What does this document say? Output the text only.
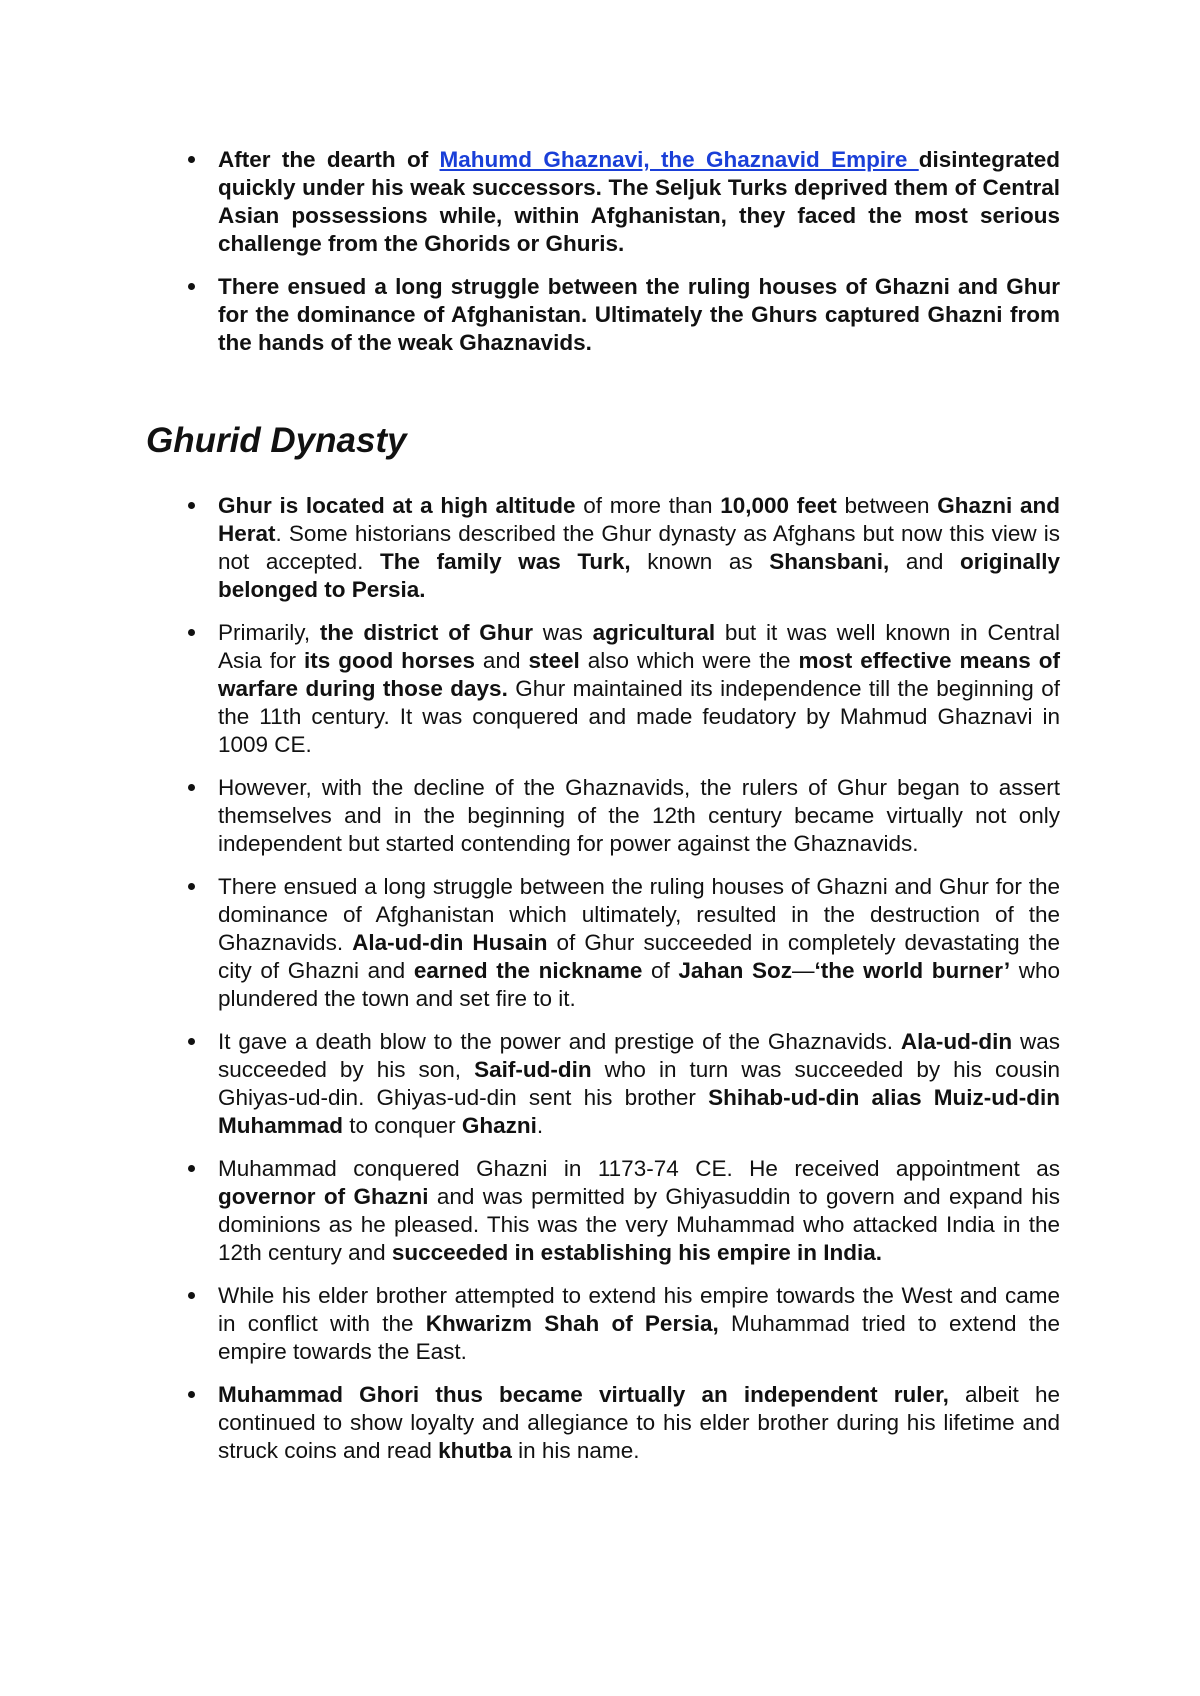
After the dearth of Mahumd Ghaznavi, the Ghaznavid Empire disintegrated quickly under his weak successors. The Seljuk Turks deprived them of Central Asian possessions while, within Afghanistan, they faced the most serious challenge from the Ghorids or Ghuris.
There ensued a long struggle between the ruling houses of Ghazni and Ghur for the dominance of Afghanistan. Ultimately the Ghurs captured Ghazni from the hands of the weak Ghaznavids.
Ghurid Dynasty
Ghur is located at a high altitude of more than 10,000 feet between Ghazni and Herat. Some historians described the Ghur dynasty as Afghans but now this view is not accepted. The family was Turk, known as Shansbani, and originally belonged to Persia.
Primarily, the district of Ghur was agricultural but it was well known in Central Asia for its good horses and steel also which were the most effective means of warfare during those days. Ghur maintained its independence till the beginning of the 11th century. It was conquered and made feudatory by Mahmud Ghaznavi in 1009 CE.
However, with the decline of the Ghaznavids, the rulers of Ghur began to assert themselves and in the beginning of the 12th century became virtually not only independent but started contending for power against the Ghaznavids.
There ensued a long struggle between the ruling houses of Ghazni and Ghur for the dominance of Afghanistan which ultimately, resulted in the destruction of the Ghaznavids. Ala-ud-din Husain of Ghur succeeded in completely devastating the city of Ghazni and earned the nickname of Jahan Soz—‘the world burner’ who plundered the town and set fire to it.
It gave a death blow to the power and prestige of the Ghaznavids. Ala-ud-din was succeeded by his son, Saif-ud-din who in turn was succeeded by his cousin Ghiyas-ud-din. Ghiyas-ud-din sent his brother Shihab-ud-din alias Muiz-ud-din Muhammad to conquer Ghazni.
Muhammad conquered Ghazni in 1173-74 CE. He received appointment as governor of Ghazni and was permitted by Ghiyasuddin to govern and expand his dominions as he pleased. This was the very Muhammad who attacked India in the 12th century and succeeded in establishing his empire in India.
While his elder brother attempted to extend his empire towards the West and came in conflict with the Khwarizm Shah of Persia, Muhammad tried to extend the empire towards the East.
Muhammad Ghori thus became virtually an independent ruler, albeit he continued to show loyalty and allegiance to his elder brother during his lifetime and struck coins and read khutba in his name.
